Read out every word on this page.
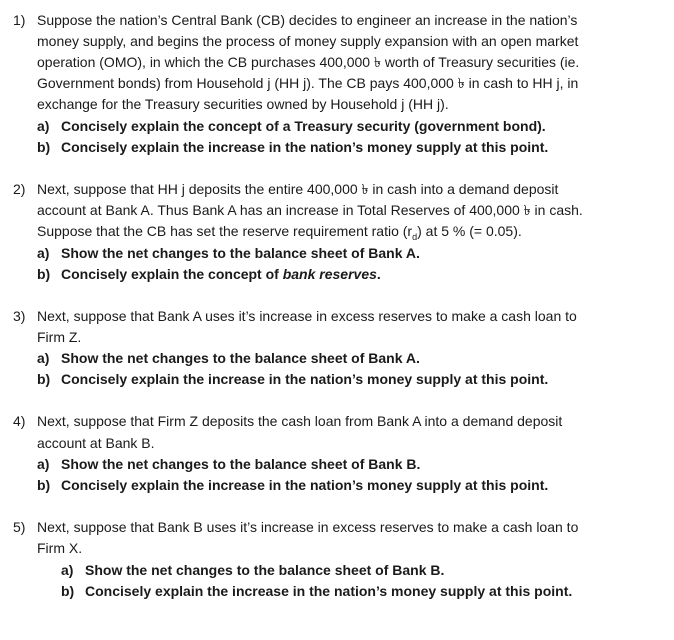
1) Suppose the nation’s Central Bank (CB) decides to engineer an increase in the nation’s
money supply, and begins the process of money supply expansion with an open market
operation (OMO), in which the CB purchases 400,000 ৳ worth of Treasury securities (ie.
Government bonds) from Household j (HH j). The CB pays 400,000 ৳ in cash to HH j, in
exchange for the Treasury securities owned by Household j (HH j).
a) Concisely explain the concept of a Treasury security (government bond).
b) Concisely explain the increase in the nation’s money supply at this point.
2) Next, suppose that HH j deposits the entire 400,000 ৳ in cash into a demand deposit
account at Bank A. Thus Bank A has an increase in Total Reserves of 400,000 ৳ in cash.
Suppose that the CB has set the reserve requirement ratio $(r_d)$ at 5 % (= 0.05).
a) Show the net changes to the balance sheet of Bank A.
b) Concisely explain the concept of bank reserves.
3) Next, suppose that Bank A uses it’s increase in excess reserves to make a cash loan to
Firm Z.
a) Show the net changes to the balance sheet of Bank A.
b) Concisely explain the increase in the nation’s money supply at this point.
4) Next, suppose that Firm Z deposits the cash loan from Bank A into a demand deposit
account at Bank B.
a) Show the net changes to the balance sheet of Bank B.
b) Concisely explain the increase in the nation’s money supply at this point.
5) Next, suppose that Bank B uses it’s increase in excess reserves to make a cash loan to
Firm X.
a) Show the net changes to the balance sheet of Bank B.
b) Concisely explain the increase in the nation’s money supply at this point.
